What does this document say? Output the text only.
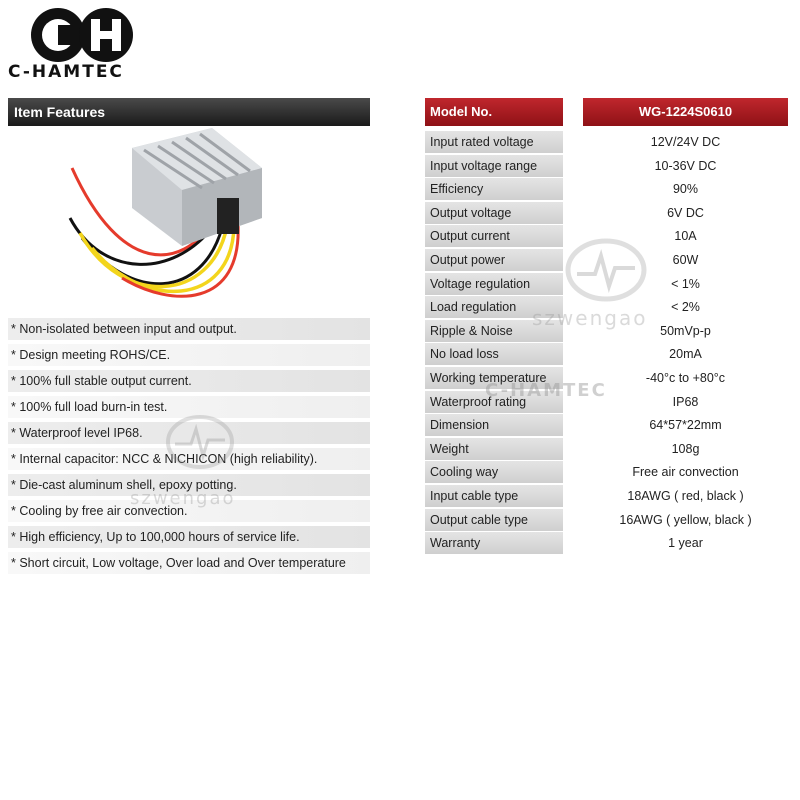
C-HAMTEC
Item Features
* Non-isolated between input and output.
* Design meeting ROHS/CE.
* 100% full stable output current.
* 100% full load burn-in test.
* Waterproof level IP68.
* Internal capacitor: NCC & NICHICON (high reliability).
* Die-cast aluminum shell, epoxy potting.
* Cooling by free air convection.
* High efficiency, Up to 100,000 hours of service life.
* Short circuit, Low voltage, Over load and Over temperature
Model No.	WG-1224S0610
Input rated voltage	12V/24V DC
Input voltage range	10-36V DC
Efficiency	90%
Output voltage	6V DC
Output current	10A
Output power	60W
Voltage regulation	< 1%
Load regulation	< 2%
Ripple & Noise	50mVp-p
No load loss	20mA
Working temperature	-40°c to +80°c
Waterproof rating	IP68
Dimension	64*57*22mm
Weight	108g
Cooling way	Free air convection
Input cable type	18AWG ( red, black )
Output cable type	16AWG ( yellow, black )
Warranty	1 year
szwengao
C-HAMTEC
szwengao
